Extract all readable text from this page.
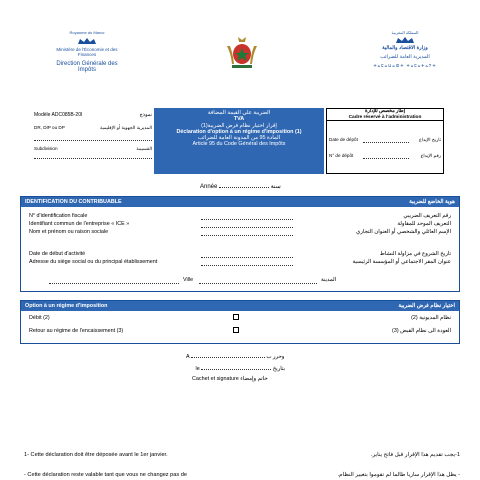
Royaume du Maroc
Ministère de l'Économie et des Finances
Direction Générale des Impôts
المملكة المغربية
وزارة الاقتصاد والمالية
المديرية العامة للضرائب
ⵜⴰⵎⴰⵡⴰⵙⵜ ⵜⴰⵎⴰⵜⴰⵢⵜ
Modèle ADC085B-20I	نموذج
DR, DIP ou DP	المديرية الجهوية أو الإقليمية
Subdivision	القسيمة
الضريبة على القيمة المضافة
TVA
إقرار اختيار نظام فرض الضريبة(1)
Déclaration d'option à un régime d'imposition (1)
المادة 95 من المدونة العامة للضرائب
Article 95 du Code Général des Impôts
إطار مخصص للإدارة
Cadre réservé à l'administration
Date de dépôt	تاريخ الإيداع
N° de dépôt	رقم الإيداع
Année	سنة
IDENTIFICATION DU CONTRIBUABLE	هوية الخاضع للضريبة
N° d'identification fiscale	رقم التعريف الضريبي
Identifiant commun de l'entreprise « ICE »	التعريف الموحد للمقاولة
Nom et prénom ou raison sociale	الإسم العائلي والشخصي أو العنوان التجاري
Date de début d'activité	تاريخ الشروع في مزاولة النشاط
Adresse du siège social ou du principal établissement	عنوان المقر الاجتماعي أو المؤسسة الرئيسية
Ville	المدينة
Option à un régime d'imposition	اختيار نظام فرض الضريبة
Débit (2)	نظام المديونية (2)
Retour au régime de l'encaissement (3)	العودة الى نظام القبض (3)
A	وحرر ب
le	بتاريخ
Cachet et signature خاتم وإمضاء
1- Cette déclaration doit être déposée avant le 1er janvier.	1-يجب تقديم هذا الإقرار قبل فاتح يناير.
- Cette déclaration reste valable tant que vous ne changez pas de	- يظل هذا الإقرار ساريا طالما لم تقوموا بتغيير النظام.
